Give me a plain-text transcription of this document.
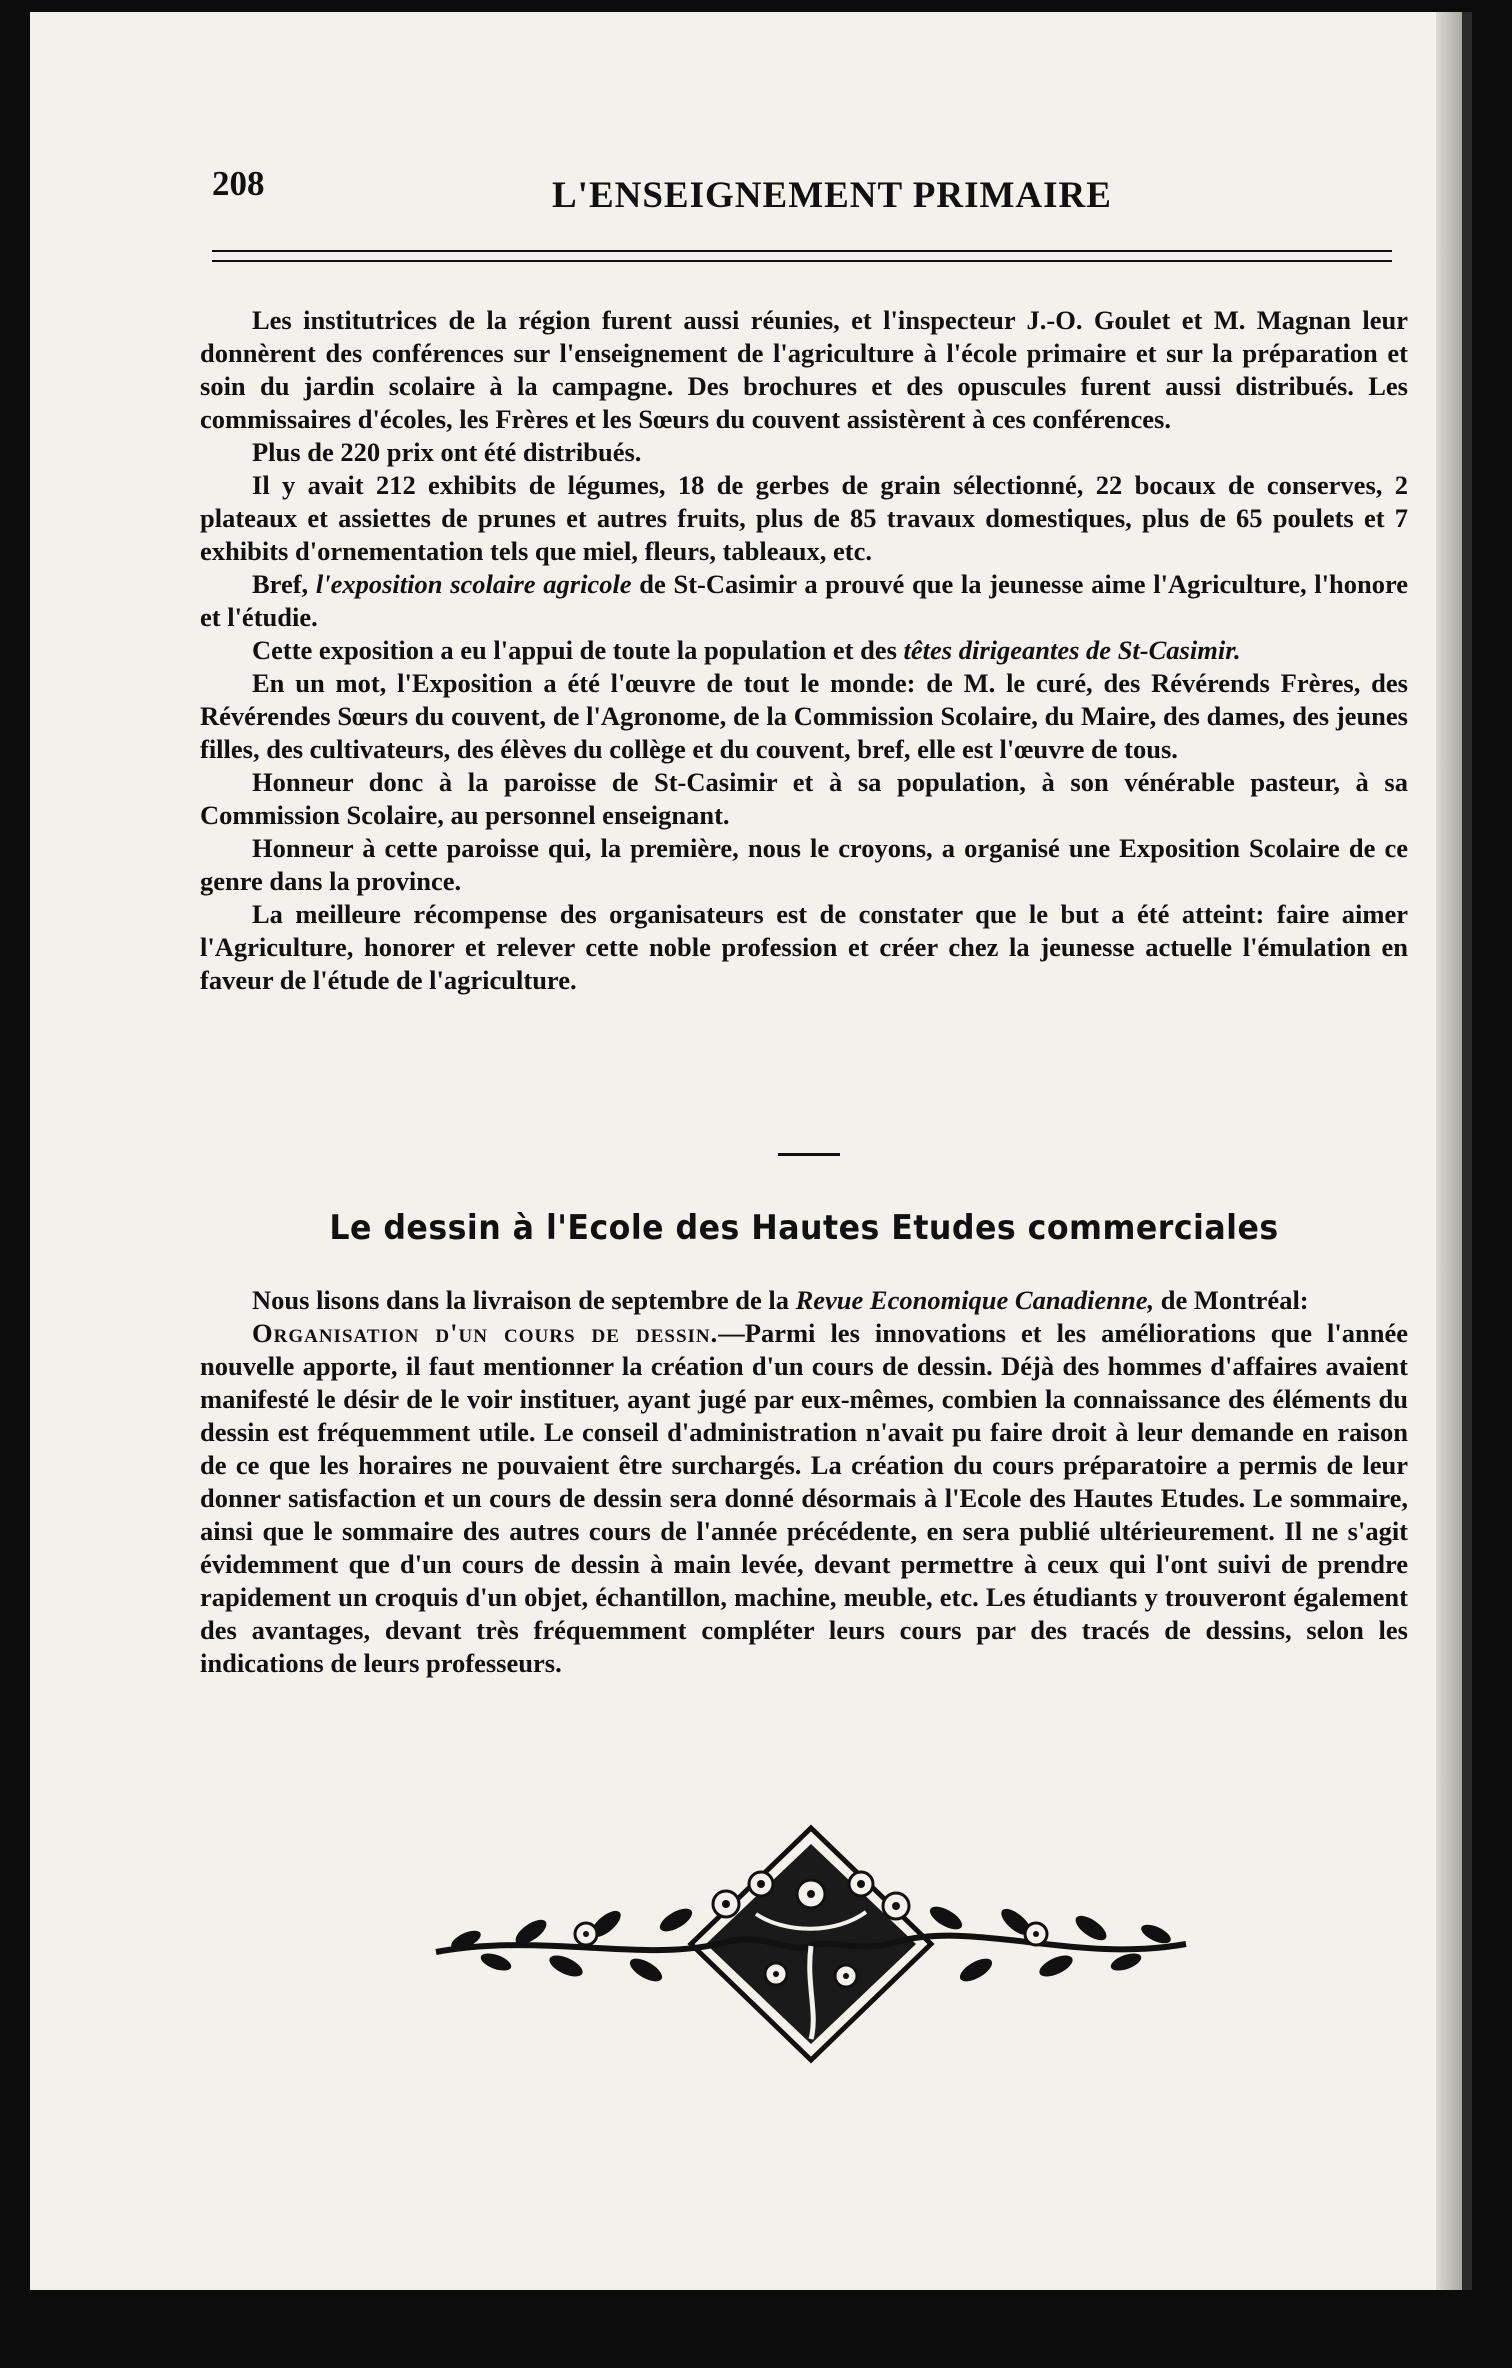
208	L'ENSEIGNEMENT PRIMAIRE

Les institutrices de la région furent aussi réunies, et l'inspecteur J.-O. Goulet et M. Magnan leur donnèrent des conférences sur l'enseignement de l'agriculture à l'école primaire et sur la préparation et soin du jardin scolaire à la campagne. Des brochures et des opuscules furent aussi distribués. Les commissaires d'écoles, les Frères et les Sœurs du couvent assistèrent à ces conférences.

Plus de 220 prix ont été distribués.

Il y avait 212 exhibits de légumes, 18 de gerbes de grain sélectionné, 22 bocaux de conserves, 2 plateaux et assiettes de prunes et autres fruits, plus de 85 travaux domestiques, plus de 65 poulets et 7 exhibits d'ornementation tels que miel, fleurs, tableaux, etc.

Bref, l'exposition scolaire agricole de St-Casimir a prouvé que la jeunesse aime l'Agriculture, l'honore et l'étudie.

Cette exposition a eu l'appui de toute la population et des têtes dirigeantes de St-Casimir.

En un mot, l'Exposition a été l'œuvre de tout le monde: de M. le curé, des Révérends Frères, des Révérendes Sœurs du couvent, de l'Agronome, de la Commission Scolaire, du Maire, des dames, des jeunes filles, des cultivateurs, des élèves du collège et du couvent, bref, elle est l'œuvre de tous.

Honneur donc à la paroisse de St-Casimir et à sa population, à son vénérable pasteur, à sa Commission Scolaire, au personnel enseignant.

Honneur à cette paroisse qui, la première, nous le croyons, a organisé une Exposition Scolaire de ce genre dans la province.

La meilleure récompense des organisateurs est de constater que le but a été atteint: faire aimer l'Agriculture, honorer et relever cette noble profession et créer chez la jeunesse actuelle l'émulation en faveur de l'étude de l'agriculture.

Le dessin à l'Ecole des Hautes Etudes commerciales

Nous lisons dans la livraison de septembre de la Revue Economique Canadienne, de Montréal:

Organisation d'un cours de dessin.—Parmi les innovations et les améliorations que l'année nouvelle apporte, il faut mentionner la création d'un cours de dessin. Déjà des hommes d'affaires avaient manifesté le désir de le voir instituer, ayant jugé par eux-mêmes, combien la connaissance des éléments du dessin est fréquemment utile. Le conseil d'administration n'avait pu faire droit à leur demande en raison de ce que les horaires ne pouvaient être surchargés. La création du cours préparatoire a permis de leur donner satisfaction et un cours de dessin sera donné désormais à l'Ecole des Hautes Etudes. Le sommaire, ainsi que le sommaire des autres cours de l'année précédente, en sera publié ultérieurement. Il ne s'agit évidemment que d'un cours de dessin à main levée, devant permettre à ceux qui l'ont suivi de prendre rapidement un croquis d'un objet, échantillon, machine, meuble, etc. Les étudiants y trouveront également des avantages, devant très fréquemment compléter leurs cours par des tracés de dessins, selon les indications de leurs professeurs.
